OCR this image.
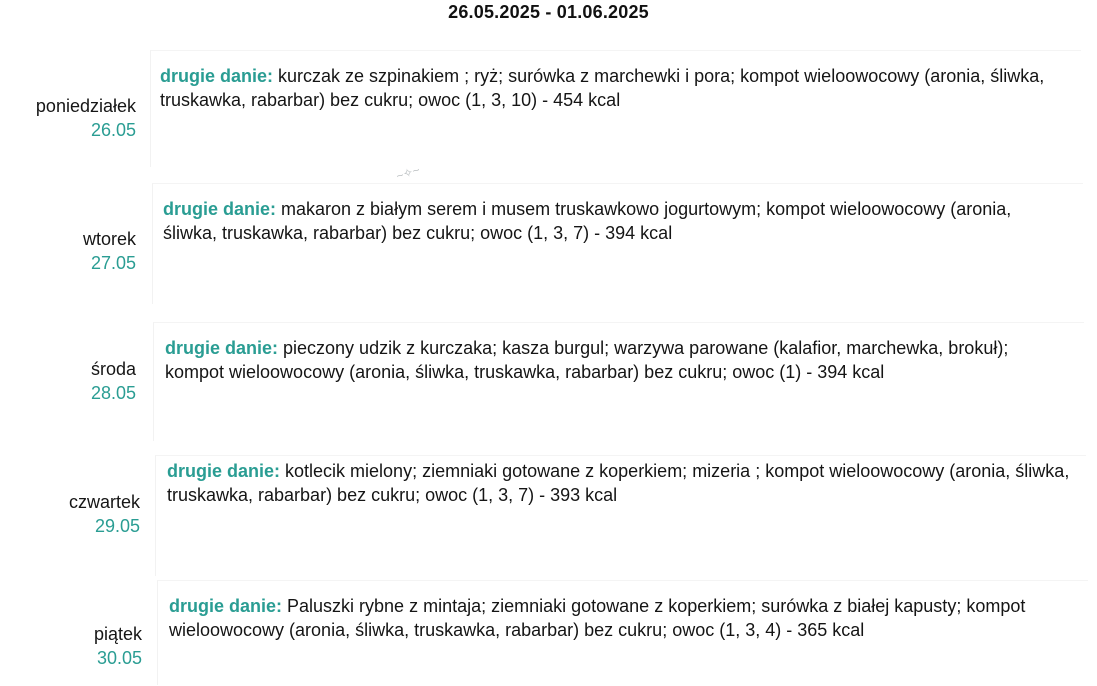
26.05.2025 - 01.06.2025
poniedziałek
26.05
drugie danie: kurczak ze szpinakiem ; ryż; surówka z marchewki i pora; kompot wieloowocowy (aronia, śliwka, truskawka, rabarbar) bez cukru; owoc (1, 3, 10) - 454 kcal
~✧~
wtorek
27.05
drugie danie: makaron z białym serem i musem truskawkowo jogurtowym; kompot wieloowocowy (aronia, śliwka, truskawka, rabarbar) bez cukru; owoc (1, 3, 7) - 394 kcal
środa
28.05
drugie danie: pieczony udzik z kurczaka; kasza burgul; warzywa parowane (kalafior, marchewka, brokuł); kompot wieloowocowy (aronia, śliwka, truskawka, rabarbar) bez cukru; owoc (1) - 394 kcal
czwartek
29.05
drugie danie: kotlecik mielony; ziemniaki gotowane z koperkiem; mizeria ; kompot wieloowocowy (aronia, śliwka, truskawka, rabarbar) bez cukru; owoc (1, 3, 7) - 393 kcal
piątek
30.05
drugie danie: Paluszki rybne z mintaja; ziemniaki gotowane z koperkiem; surówka z białej kapusty; kompot wieloowocowy (aronia, śliwka, truskawka, rabarbar) bez cukru; owoc (1, 3, 4) - 365 kcal
